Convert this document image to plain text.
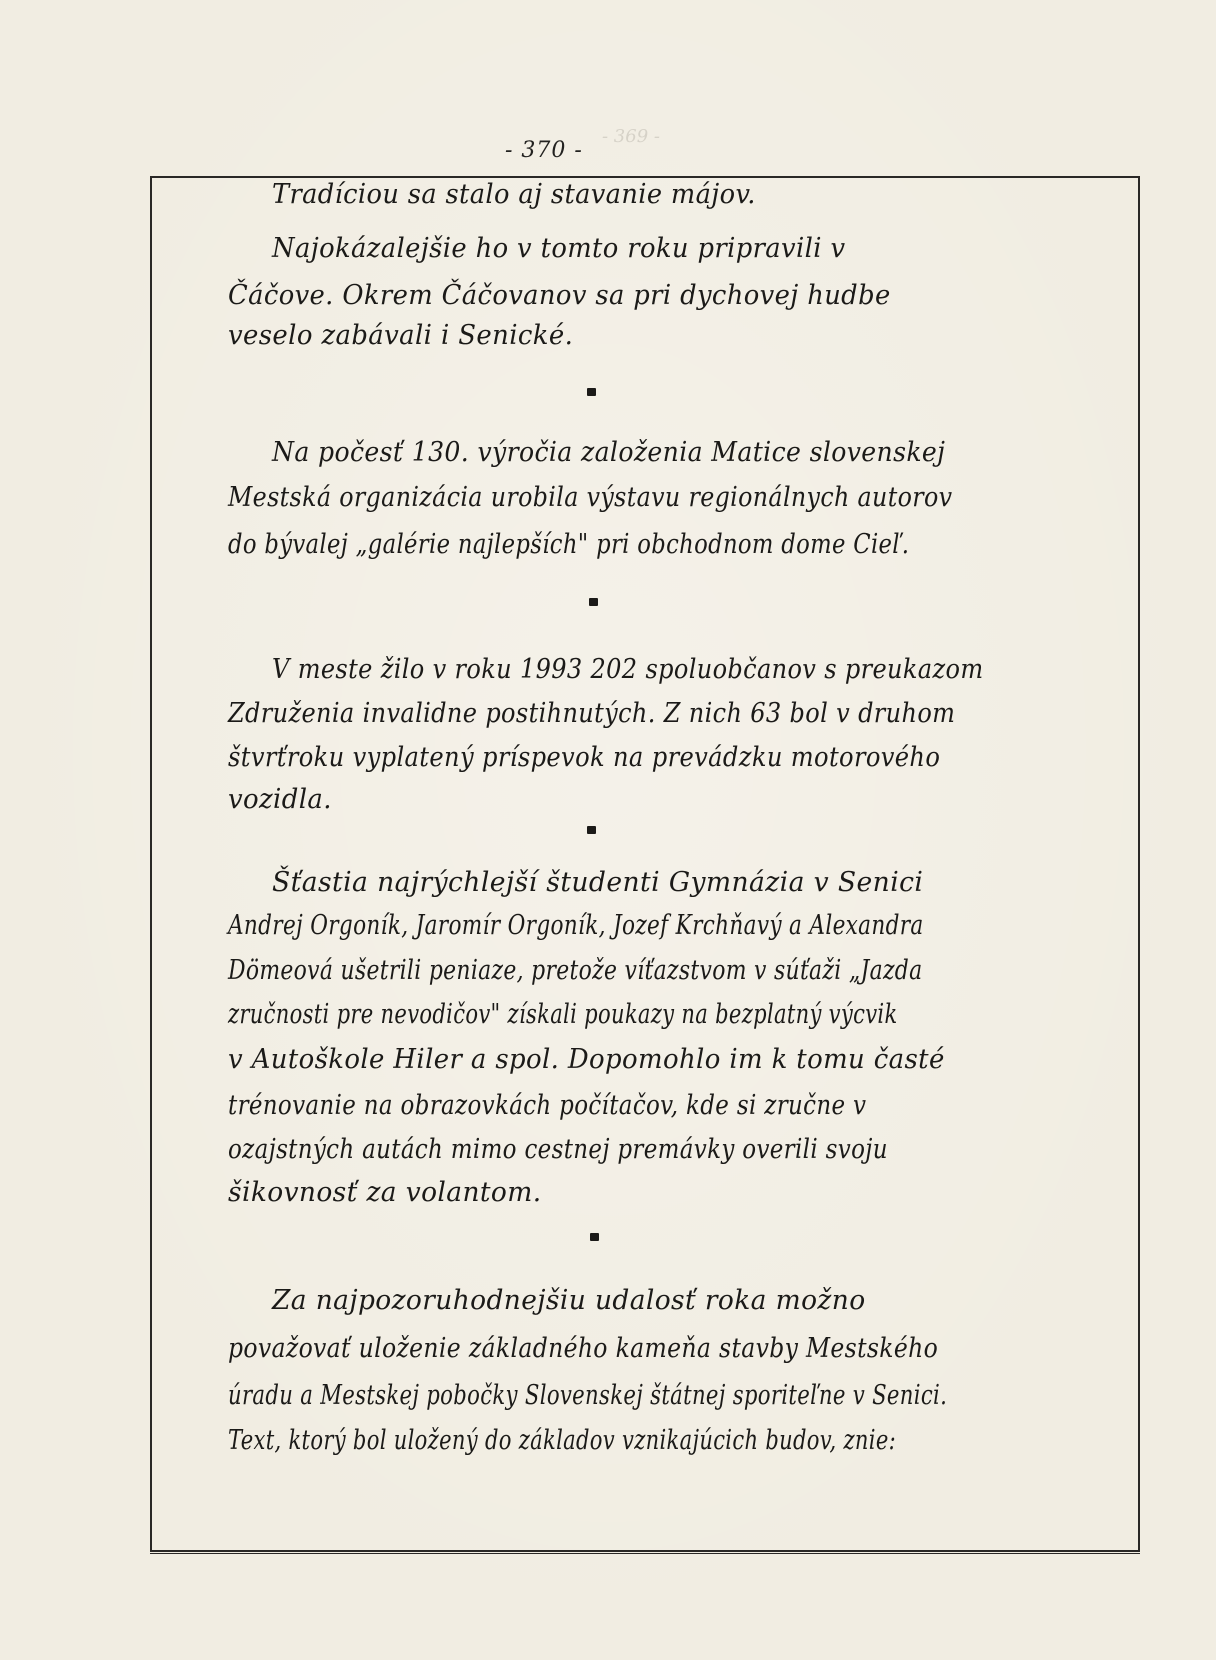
- 369 -
- 370 -
Tradíciou sa stalo aj stavanie májov.
Najokázalejšie ho v tomto roku pripravili v
Čáčove. Okrem Čáčovanov sa pri dychovej hudbe
veselo zabávali i Senické.
Na počesť 130. výročia založenia Matice slovenskej
Mestská organizácia urobila výstavu regionálnych autorov
do bývalej „galérie najlepších" pri obchodnom dome Cieľ.
V meste žilo v roku 1993 202 spoluobčanov s preukazom
Združenia invalidne postihnutých. Z nich 63 bol v druhom
štvrťroku vyplatený príspevok na prevádzku motorového
vozidla.
Šťastia najrýchlejší študenti Gymnázia v Senici
Andrej Orgoník, Jaromír Orgoník, Jozef Krchňavý a Alexandra
Dömeová ušetrili peniaze, pretože víťazstvom v súťaži „Jazda
zručnosti pre nevodičov" získali poukazy na bezplatný výcvik
v Autoškole Hiler a spol. Dopomohlo im k tomu časté
trénovanie na obrazovkách počítačov, kde si zručne v
ozajstných autách mimo cestnej premávky overili svoju
šikovnosť za volantom.
Za najpozoruhodnejšiu udalosť roka možno
považovať uloženie základného kameňa stavby Mestského
úradu a Mestskej pobočky Slovenskej štátnej sporiteľne v Senici.
Text, ktorý bol uložený do základov vznikajúcich budov, znie:
